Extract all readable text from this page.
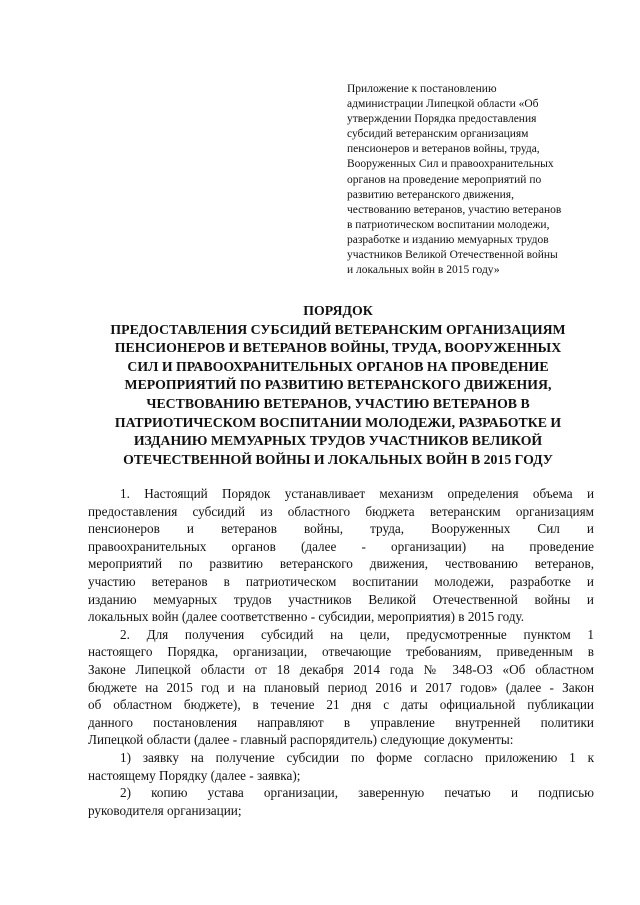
Приложение к постановлению
администрации Липецкой области «Об
утверждении Порядка предоставления
субсидий ветеранским организациям
пенсионеров и ветеранов войны, труда,
Вооруженных Сил и правоохранительных
органов на проведение мероприятий по
развитию ветеранского движения,
чествованию ветеранов, участию ветеранов
в патриотическом воспитании молодежи,
разработке и изданию мемуарных трудов
участников Великой Отечественной войны
и локальных войн в 2015 году»
ПОРЯДОК
ПРЕДОСТАВЛЕНИЯ СУБСИДИЙ ВЕТЕРАНСКИМ ОРГАНИЗАЦИЯМ
ПЕНСИОНЕРОВ И ВЕТЕРАНОВ ВОЙНЫ, ТРУДА, ВООРУЖЕННЫХ
СИЛ И ПРАВООХРАНИТЕЛЬНЫХ ОРГАНОВ НА ПРОВЕДЕНИЕ
МЕРОПРИЯТИЙ ПО РАЗВИТИЮ ВЕТЕРАНСКОГО ДВИЖЕНИЯ,
ЧЕСТВОВАНИЮ ВЕТЕРАНОВ, УЧАСТИЮ ВЕТЕРАНОВ В
ПАТРИОТИЧЕСКОМ ВОСПИТАНИИ МОЛОДЕЖИ, РАЗРАБОТКЕ И
ИЗДАНИЮ МЕМУАРНЫХ ТРУДОВ УЧАСТНИКОВ ВЕЛИКОЙ
ОТЕЧЕСТВЕННОЙ ВОЙНЫ И ЛОКАЛЬНЫХ ВОЙН В 2015 ГОДУ
1. Настоящий Порядок устанавливает механизм определения объема и
предоставления субсидий из областного бюджета ветеранским организациям
пенсионеров и ветеранов войны, труда, Вооруженных Сил и
правоохранительных органов (далее - организации) на проведение
мероприятий по развитию ветеранского движения, чествованию ветеранов,
участию ветеранов в патриотическом воспитании молодежи, разработке и
изданию мемуарных трудов участников Великой Отечественной войны и
локальных войн (далее соответственно - субсидии, мероприятия) в 2015 году.
2. Для получения субсидий на цели, предусмотренные пунктом 1
настоящего Порядка, организации, отвечающие требованиям, приведенным в
Законе Липецкой области от 18 декабря 2014 года № 348-ОЗ «Об областном
бюджете на 2015 год и на плановый период 2016 и 2017 годов» (далее - Закон
об областном бюджете), в течение 21 дня с даты официальной публикации
данного постановления направляют в управление внутренней политики
Липецкой области (далее - главный распорядитель) следующие документы:
1) заявку на получение субсидии по форме согласно приложению 1 к
настоящему Порядку (далее - заявка);
2) копию устава организации, заверенную печатью и подписью
руководителя организации;
